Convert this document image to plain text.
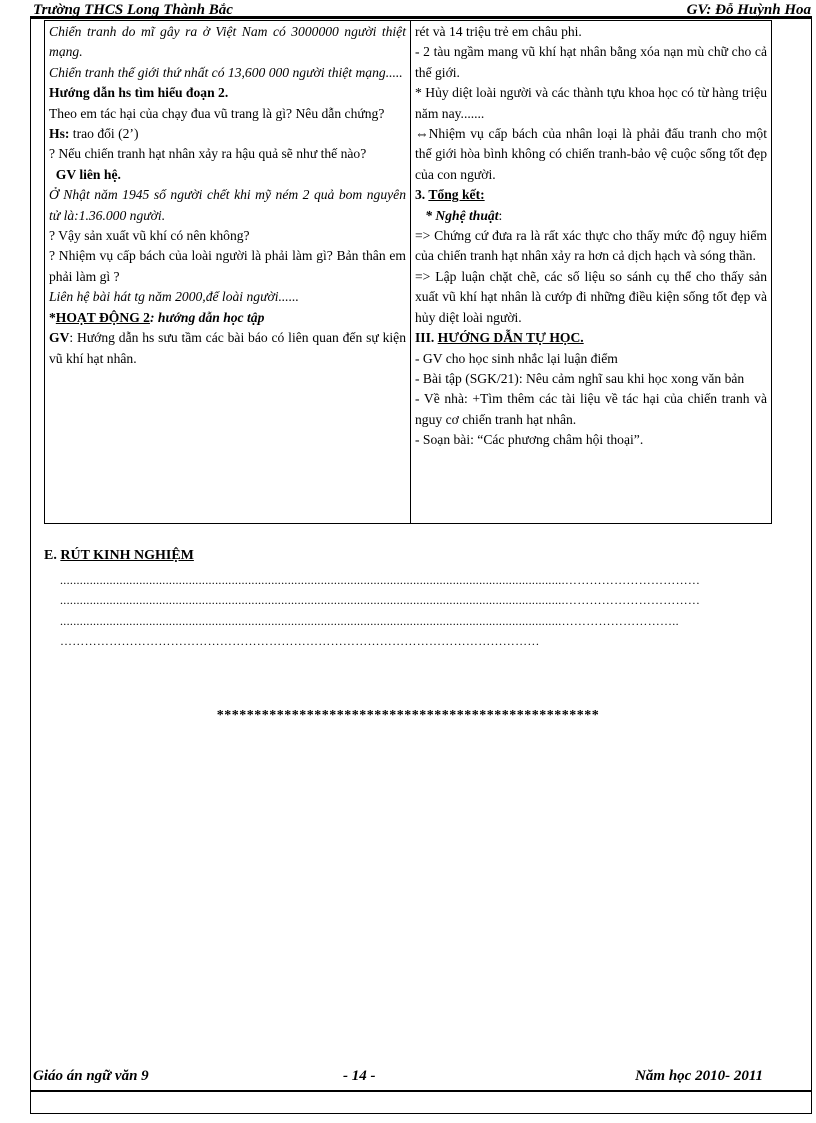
Trường THCS Long Thành Bắc	GV: Đỗ Huỳnh Hoa

Chiến tranh do mĩ gây ra ở Việt Nam có 3000000 người thiệt mạng.

Chiến tranh thế giới thứ nhất có 13,600 000 người thiệt mạng.....

Hướng dẫn hs tìm hiểu đoạn 2.

Theo em tác hại của chạy đua vũ trang là gì? Nêu dẫn chứng?

Hs: trao đổi (2’)

? Nếu chiến tranh hạt nhân xảy ra hậu quả sẽ như thế nào?

GV liên hệ.

Ở Nhật năm 1945 số người chết khi mỹ ném 2 quả bom nguyên tử là:1.36.000 người.

? Vậy sản xuất vũ khí có nên không?

? Nhiệm vụ cấp bách của loài người là phải làm gì? Bản thân em phải làm gì ?

Liên hệ bài hát tg năm 2000,để loài người......

*HOẠT ĐỘNG 2: hướng dẫn học tập

GV: Hướng dẫn hs sưu tầm các bài báo có liên quan đến sự kiện vũ khí hạt nhân.

rét và 14 triệu trẻ em châu phi.

- 2 tàu ngầm mang vũ khí hạt nhân bằng xóa nạn mù chữ cho cả thế giới.

* Hủy diệt loài người và các thành tựu khoa học có từ hàng triệu năm nay.......

⇔Nhiệm vụ cấp bách của nhân loại là phải đấu tranh cho một thế giới hòa bình không có chiến tranh-bảo vệ cuộc sống tốt đẹp của con người.

3. Tổng kết:

* Nghệ thuật:

=> Chứng cứ đưa ra là rất xác thực cho thấy mức độ nguy hiểm của chiến tranh hạt nhân xảy ra hơn cả dịch hạch và sóng thần.

=> Lập luận chặt chẽ, các số liệu so sánh cụ thể cho thấy sản xuất vũ khí hạt nhân là cướp đi những điều kiện sống tốt đẹp và hủy diệt loài người.

III. HƯỚNG DẪN TỰ HỌC.

- GV cho học sinh nhắc lại luận điểm

- Bài tập (SGK/21): Nêu cảm nghĩ sau khi học xong văn bản

- Về nhà: +Tìm thêm các tài liệu về tác hại của chiến tranh và nguy cơ chiến tranh hạt nhân.

- Soạn bài: “Các phương châm hội thoại”.

E. RÚT KINH NGHIỆM
.........................................................................................................................................................……………………………
.........................................................................................................................................................……………………………
........................................................................................................................................................………………………..
………………………………………………………………………………………………………
***************************************************
Giáo án ngữ văn 9	- 14 -	Năm học 2010- 2011
